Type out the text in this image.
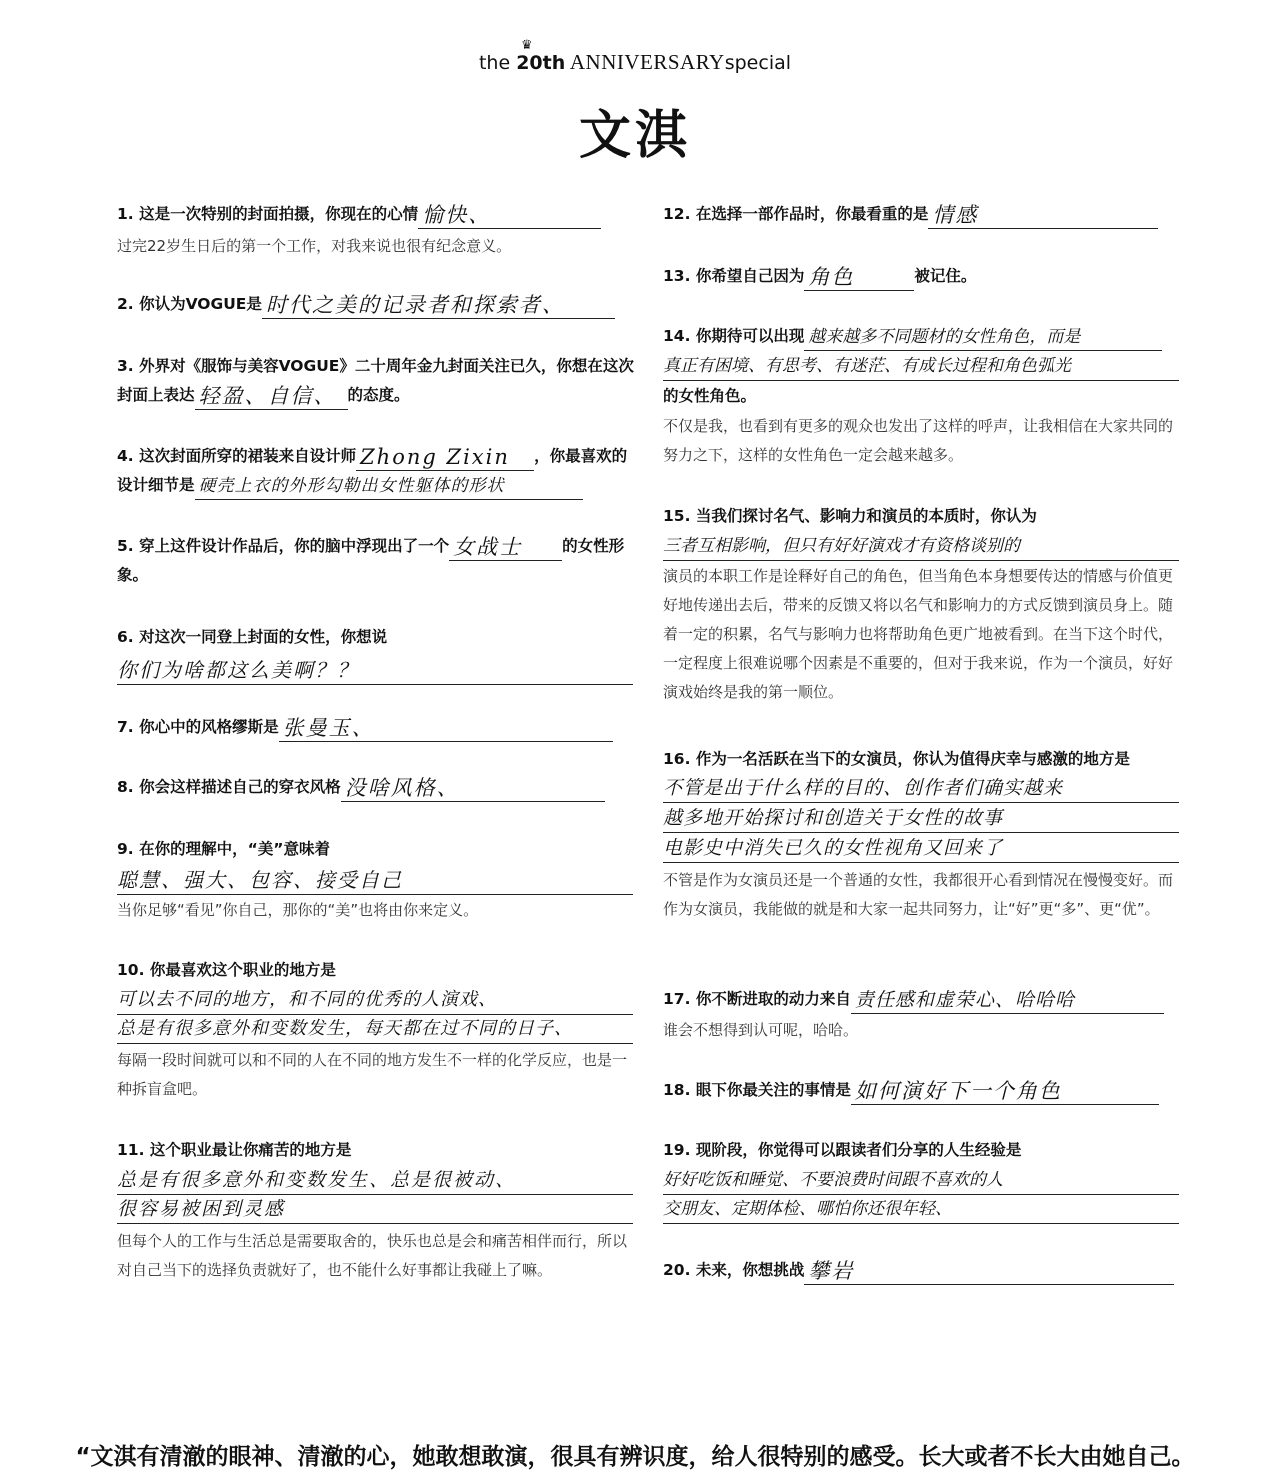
the 20th
♛
ANNIVERSARYspecial
文淇
1. 这是一次特别的封面拍摄，你现在的心情 愉快、
过完22岁生日后的第一个工作，对我来说也很有纪念意义。
2. 你认为VOGUE是 时代之美的记录者和探索者、
3. 外界对《服饰与美容VOGUE》二十周年金九封面关注已久，你想在这次封面上表达 轻盈、自信、 的态度。
4. 这次封面所穿的裙装来自设计师 Zhong Zixin ，你最喜欢的设计细节是 硬壳上衣的外形勾勒出女性躯体的形状
5. 穿上这件设计作品后，你的脑中浮现出了一个 女战士	的女性形象。
6. 对这次一同登上封面的女性，你想说
你们为啥都这么美啊？？
7. 你心中的风格缪斯是 张曼玉、
8. 你会这样描述自己的穿衣风格 没啥风格、
9. 在你的理解中，“美”意味着
聪慧、强大、包容、接受自己
当你足够“看见”你自己，那你的“美”也将由你来定义。
10. 你最喜欢这个职业的地方是
可以去不同的地方，和不同的优秀的人演戏、
总是有很多意外和变数发生，每天都在过不同的日子、
每隔一段时间就可以和不同的人在不同的地方发生不一样的化学反应，也是一种拆盲盒吧。
11. 这个职业最让你痛苦的地方是
总是有很多意外和变数发生、总是很被动、
很容易被困到灵感
但每个人的工作与生活总是需要取舍的，快乐也总是会和痛苦相伴而行，所以对自己当下的选择负责就好了，也不能什么好事都让我碰上了嘛。
12. 在选择一部作品时，你最看重的是 情感
13. 你希望自己因为 角色	被记住。
14. 你期待可以出现 越来越多不同题材的女性角色，而是
真正有困境、有思考、有迷茫、有成长过程和角色弧光
的女性角色。
不仅是我，也看到有更多的观众也发出了这样的呼声，让我相信在大家共同的努力之下，这样的女性角色一定会越来越多。
15. 当我们探讨名气、影响力和演员的本质时，你认为
三者互相影响，但只有好好演戏才有资格谈别的
演员的本职工作是诠释好自己的角色，但当角色本身想要传达的情感与价值更好地传递出去后，带来的反馈又将以名气和影响力的方式反馈到演员身上。随着一定的积累，名气与影响力也将帮助角色更广地被看到。在当下这个时代，一定程度上很难说哪个因素是不重要的，但对于我来说，作为一个演员，好好演戏始终是我的第一顺位。
16. 作为一名活跃在当下的女演员，你认为值得庆幸与感激的地方是
不管是出于什么样的目的、创作者们确实越来
越多地开始探讨和创造关于女性的故事
电影史中消失已久的女性视角又回来了
不管是作为女演员还是一个普通的女性，我都很开心看到情况在慢慢变好。而作为女演员，我能做的就是和大家一起共同努力，让“好”更“多”、更“优”。
17. 你不断进取的动力来自 责任感和虚荣心、哈哈哈
谁会不想得到认可呢，哈哈。
18. 眼下你最关注的事情是 如何演好下一个角色
19. 现阶段，你觉得可以跟读者们分享的人生经验是
好好吃饭和睡觉、不要浪费时间跟不喜欢的人
交朋友、定期体检、哪怕你还很年轻、
20. 未来，你想挑战 攀岩
“文淇有清澈的眼神、清澈的心，她敢想敢演，很具有辨识度，给人很特别的感受。长大或者不长大由她自己。
